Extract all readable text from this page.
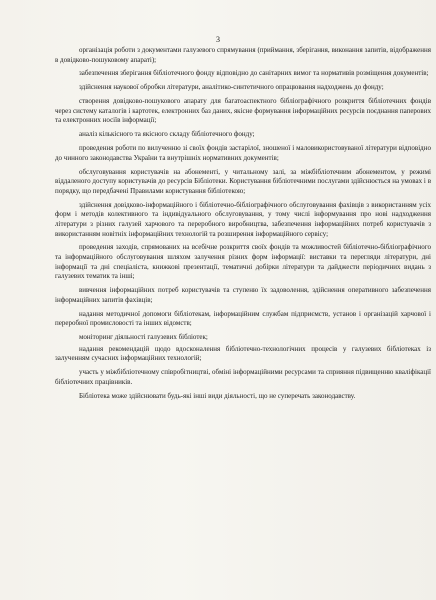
3

організація роботи з документами галузевого спрямування (приймання, зберігання, виконання запитів, відображення в довідково-пошуковому апараті);

забезпечення зберігання бібліотечного фонду відповідно до санітарних вимог та нормативів розміщення документів;

здійснення наукової обробки літератури, аналітико-синтетичного опрацювання надходжень до фонду;

створення довідково-пошукового апарату для багатоаспектного бібліографічного розкриття бібліотечних фондів через систему каталогів і картотек, електронних баз даних, якісне формування інформаційних ресурсів поєднання паперових та електронних носіїв інформації;

аналіз кількісного та якісного складу бібліотечного фонду;

проведення роботи по вилученню зі своїх фондів застарілої, зношеної і маловикористовуваної літератури відповідно до чинного законодавства України та внутрішніх нормативних документів;

обслуговування користувачів на абонементі, у читальному залі, за міжбібліотечним абонементом, у режимі віддаленого доступу користувачів до ресурсів Бібліотеки. Користування бібліотечними послугами здійснюється на умовах і в порядку, що передбачені Правилами користування бібліотекою;

здійснення довідково-інформаційного і бібліотечно-бібліографічного обслуговування фахівців з використанням усіх форм і методів колективного та індивідуального обслуговування, у тому числі інформування про нові надходження літератури з різних галузей харчового та переробного виробництва, забезпечення інформаційних потреб користувачів з використанням новітніх інформаційних технологій та розширення інформаційного сервісу;

проведення заходів, спрямованих на всебічне розкриття своїх фондів та можливостей бібліотечно-бібліографічного та інформаційного обслуговування шляхом залучення різних форм інформації: виставки та перегляди літератури, дні інформації та дні спеціаліста, книжкові презентації, тематичні добірки літератури та дайджести періодичних видань з галузевих тематик та інші;

вивчення інформаційних потреб користувачів та ступеню їх задоволення, здійснення оперативного забезпечення інформаційних запитів фахівців;

надання методичної допомоги бібліотекам, інформаційним службам підприємств, установ і організацій харчової і переробної промисловості та інших відомств;

моніторинг діяльності галузевих бібліотек;

надання рекомендацій щодо вдосконалення бібліотечно-технологічних процесів у галузевих бібліотеках із залученням сучасних інформаційних технологій;

участь у міжбібліотечному співробітництві, обміні інформаційними ресурсами та сприяння підвищенню кваліфікації бібліотечних працівників.

Бібліотека може здійснювати будь-які інші види діяльності, що не суперечать законодавству.
